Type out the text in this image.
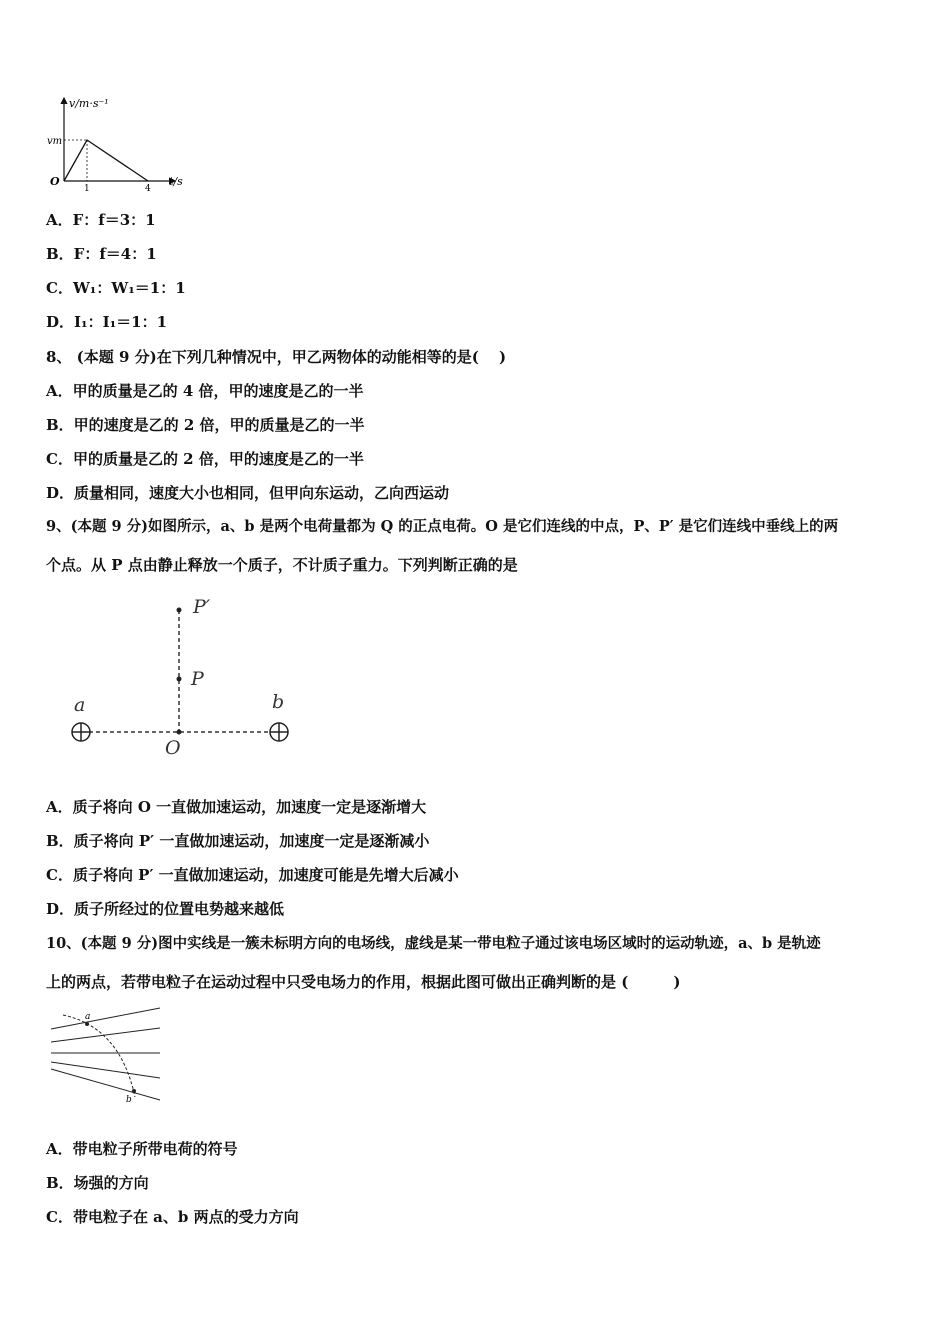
v/m·s⁻¹
t/s
O
vm
1	4
A．F：f＝3：1
B．F：f＝4：1
C．W₁：W₁＝1：1
D．I₁：I₁＝1：1
8、 (本题 9 分)在下列几种情况中，甲乙两物体的动能相等的是(　 )
A．甲的质量是乙的 4 倍，甲的速度是乙的一半
B．甲的速度是乙的 2 倍，甲的质量是乙的一半
C．甲的质量是乙的 2 倍，甲的速度是乙的一半
D．质量相同，速度大小也相同，但甲向东运动，乙向西运动
9、(本题 9 分)如图所示，a、b 是两个电荷量都为 Q 的正点电荷。O 是它们连线的中点，P、P′ 是它们连线中垂线上的两
个点。从 P 点由静止释放一个质子，不计质子重力。下列判断正确的是
P′
P
a	b
O
A．质子将向 O 一直做加速运动，加速度一定是逐渐增大
B．质子将向 P′ 一直做加速运动，加速度一定是逐渐减小
C．质子将向 P′ 一直做加速运动，加速度可能是先增大后减小
D．质子所经过的位置电势越来越低
10、(本题 9 分)图中实线是一簇未标明方向的电场线，虚线是某一带电粒子通过该电场区域时的运动轨迹，a、b 是轨迹
上的两点，若带电粒子在运动过程中只受电场力的作用，根据此图可做出正确判断的是 (　　　)
a
b
A．带电粒子所带电荷的符号
B．场强的方向
C．带电粒子在 a、b 两点的受力方向
